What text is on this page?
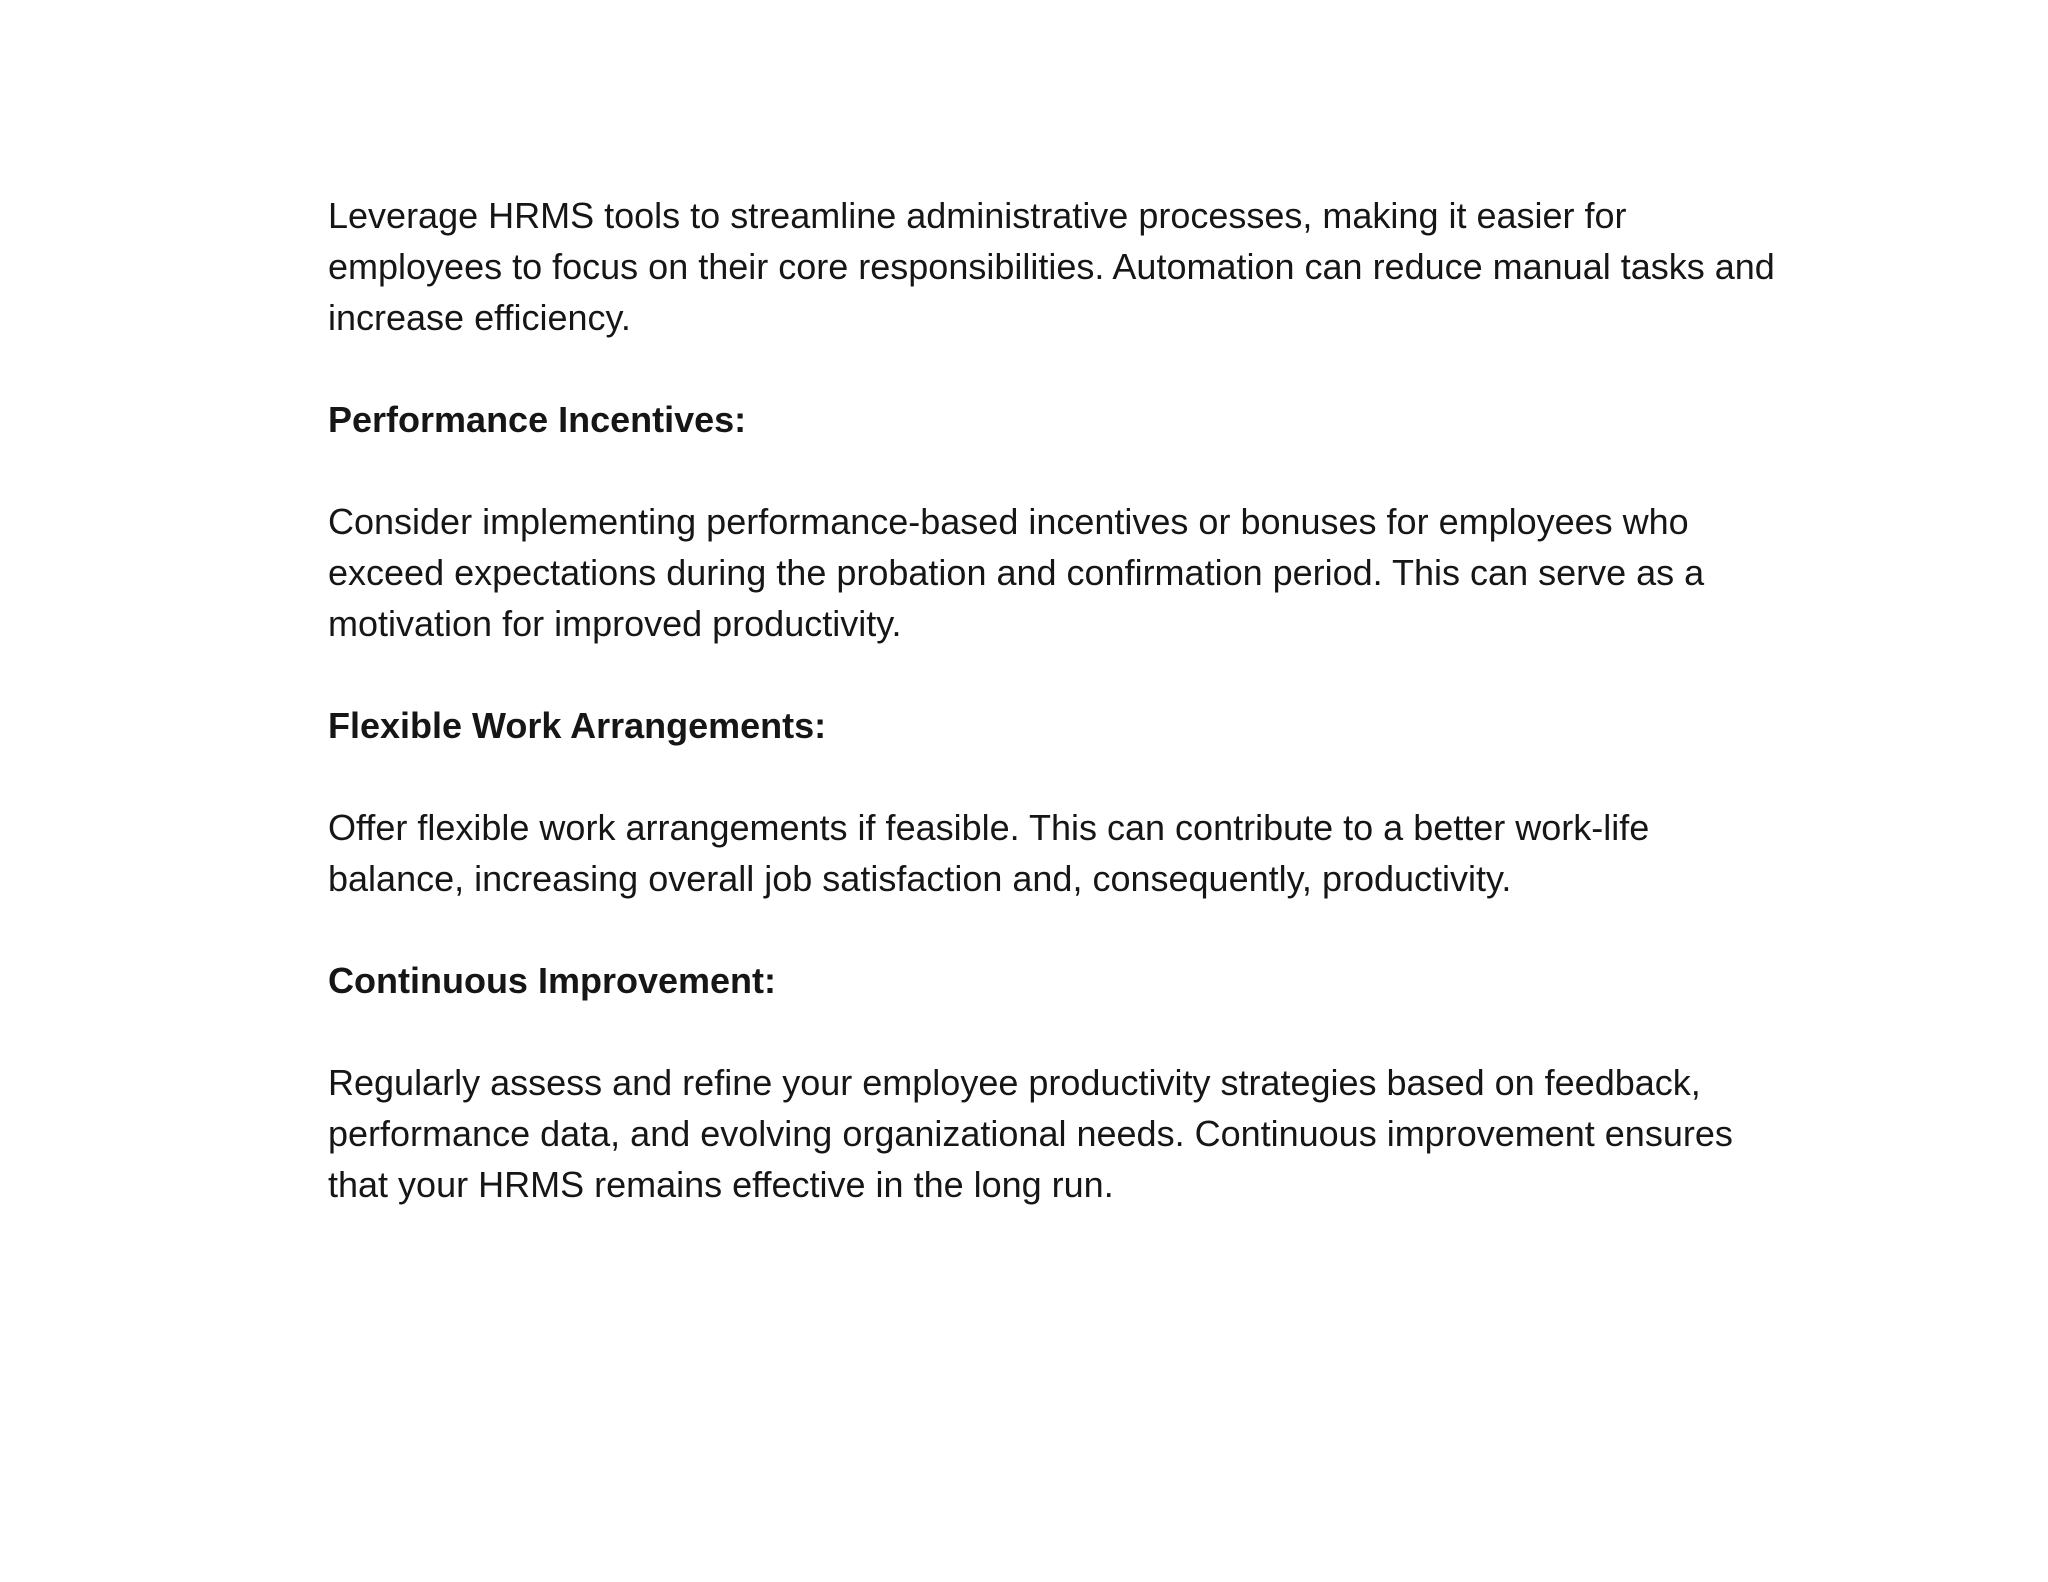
Leverage HRMS tools to streamline administrative processes, making it easier for
employees to focus on their core responsibilities. Automation can reduce manual tasks and
increase efficiency.

Performance Incentives:

Consider implementing performance-based incentives or bonuses for employees who
exceed expectations during the probation and confirmation period. This can serve as a
motivation for improved productivity.

Flexible Work Arrangements:

Offer flexible work arrangements if feasible. This can contribute to a better work-life
balance, increasing overall job satisfaction and, consequently, productivity.

Continuous Improvement:

Regularly assess and refine your employee productivity strategies based on feedback,
performance data, and evolving organizational needs. Continuous improvement ensures
that your HRMS remains effective in the long run.
